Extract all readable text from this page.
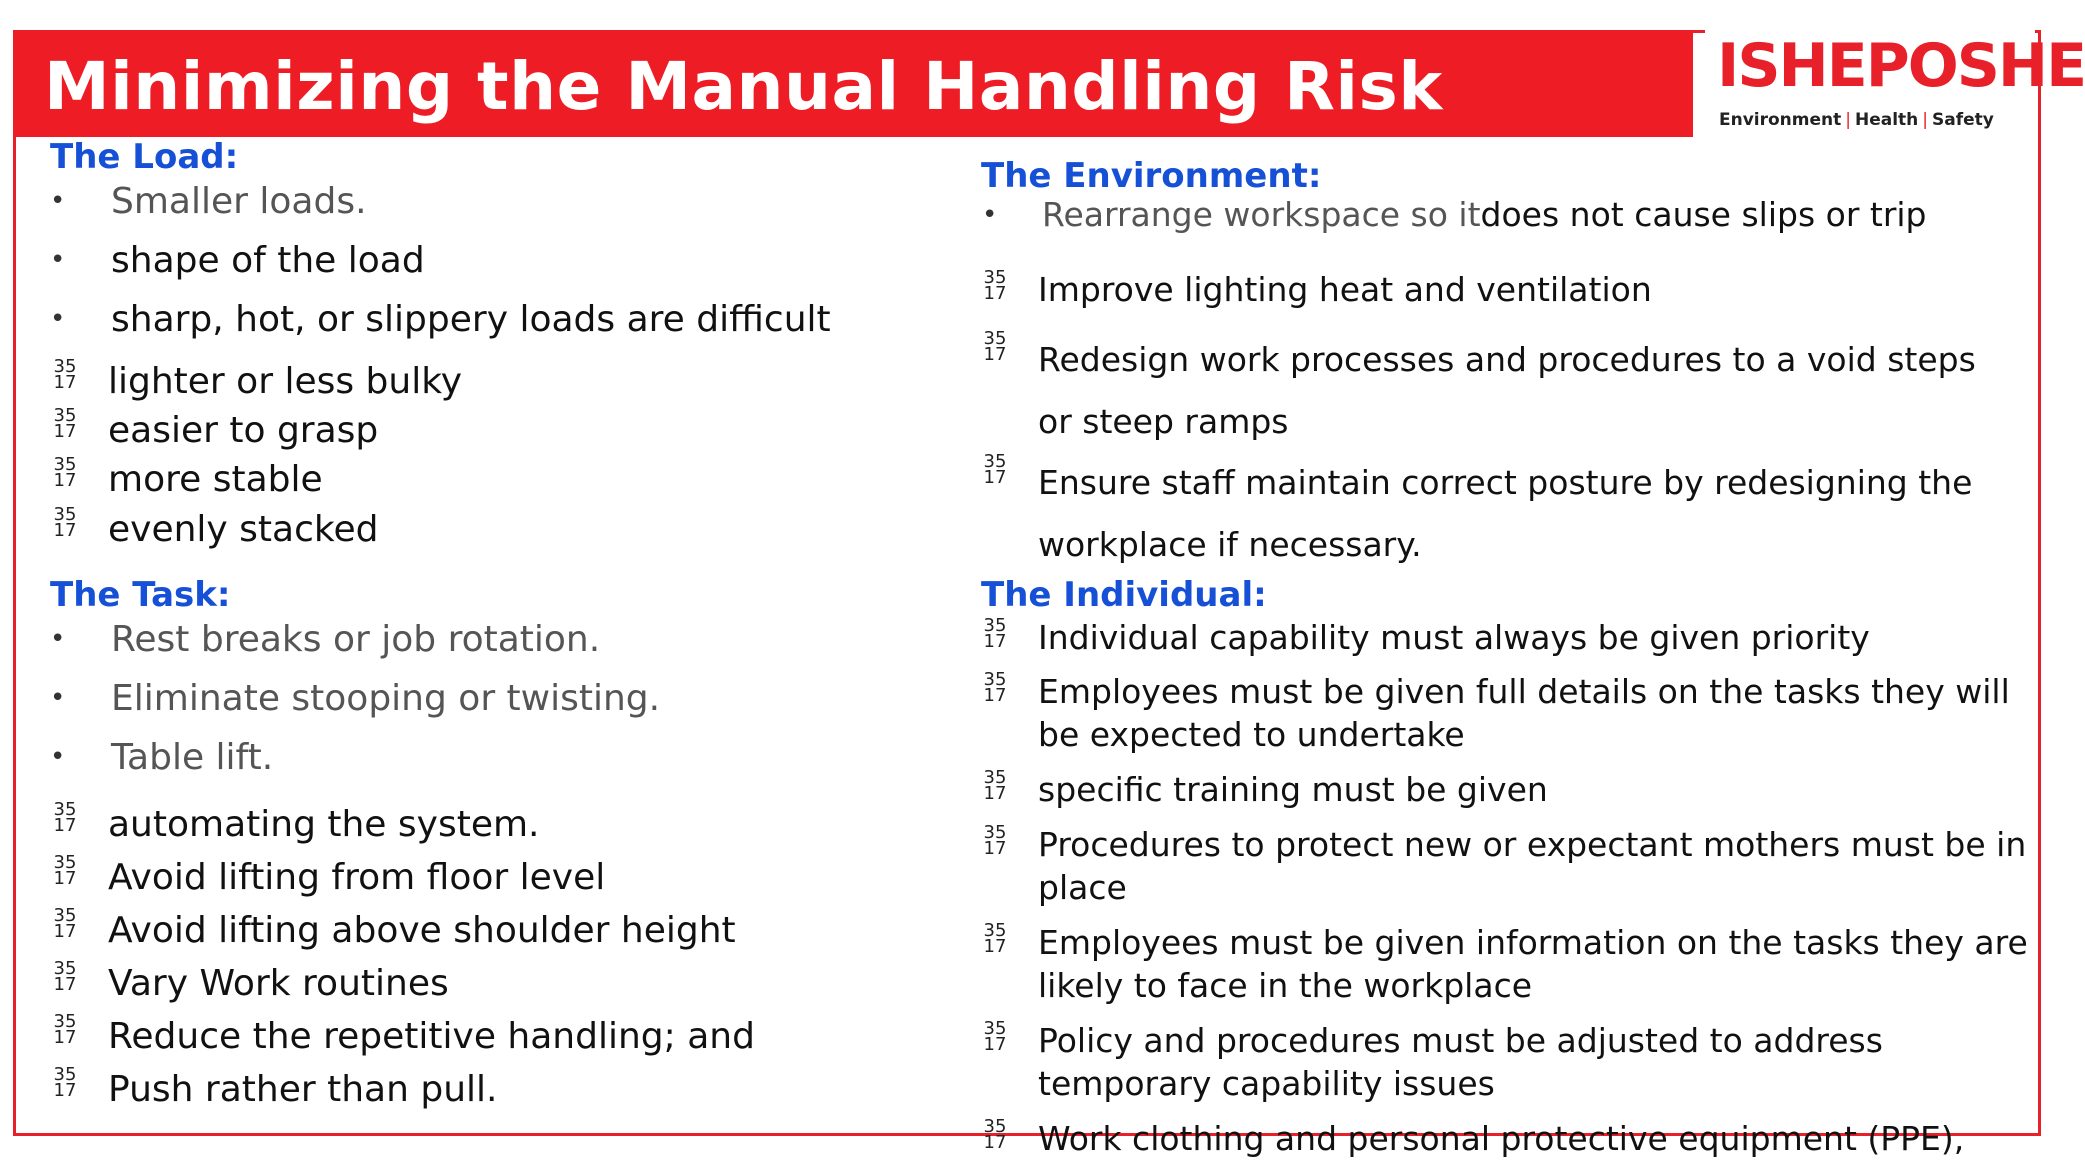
Minimizing the Manual Handling Risk	ISHEPOSHE
Environment | Health | Safety
The Load:
• Smaller loads.
• shape of the load
• sharp, hot, or slippery loads are difficult
35
17 lighter or less bulky
35
17 easier to grasp
35
17 more stable
35
17 evenly stacked
The Task:
• Rest breaks or job rotation.
• Eliminate stooping or twisting.
• Table lift.
35
17 automating the system.
35
17 Avoid lifting from floor level
35
17 Avoid lifting above shoulder height
35
17 Vary Work routines
35
17 Reduce the repetitive handling; and
35
17 Push rather than pull.
The Environment:
• Rearrange workspace so itdoes not cause slips or trip
35
17 Improve lighting heat and ventilation
35
17 Redesign work processes and procedures to a void steps or steep ramps
35
17 Ensure staff maintain correct posture by redesigning the workplace if necessary.
The Individual:
35
17 Individual capability must always be given priority
35
17 Employees must be given full details on the tasks they will be expected to undertake
35
17 specific training must be given
35
17 Procedures to protect new or expectant mothers must be in place
35
17 Employees must be given information on the tasks they are likely to face in the workplace
35
17 Policy and procedures must be adjusted to address temporary capability issues
35
17 Work clothing and personal protective equipment (PPE),
